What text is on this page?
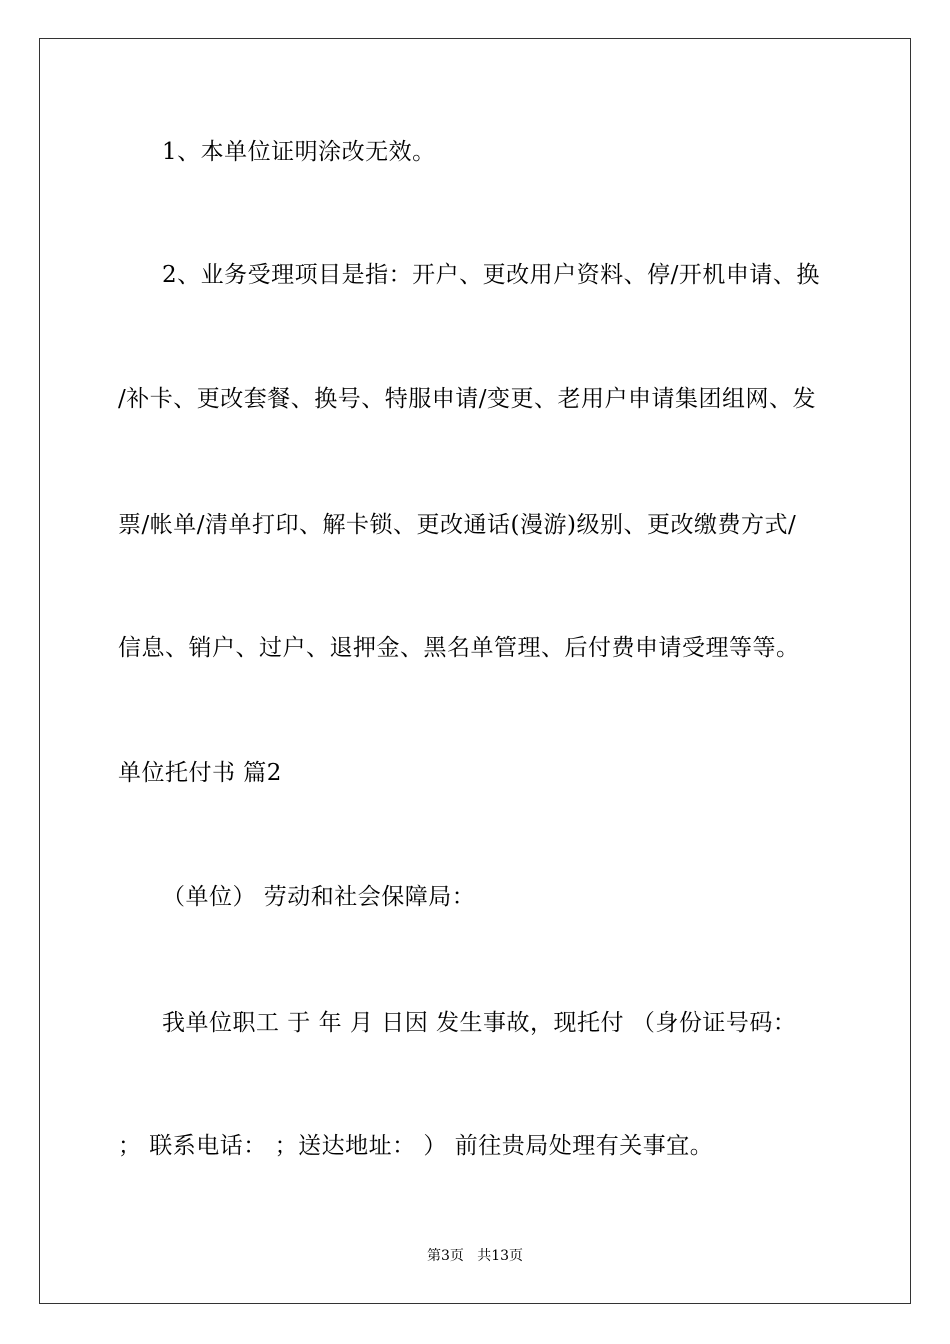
1、本单位证明涂改无效。
2、业务受理项目是指：开户、更改用户资料、停/开机申请、换
/补卡、更改套餐、换号、特服申请/变更、老用户申请集团组网、发
票/帐单/清单打印、解卡锁、更改通话(漫游)级别、更改缴费方式/
信息、销户、过户、退押金、黑名单管理、后付费申请受理等等。
单位托付书 篇2
（单位） 劳动和社会保障局：
我单位职工 于 年 月 日因 发生事故，现托付 （身份证号码：
； 联系电话： ；送达地址： ） 前往贵局处理有关事宜。
第3页   共13页
